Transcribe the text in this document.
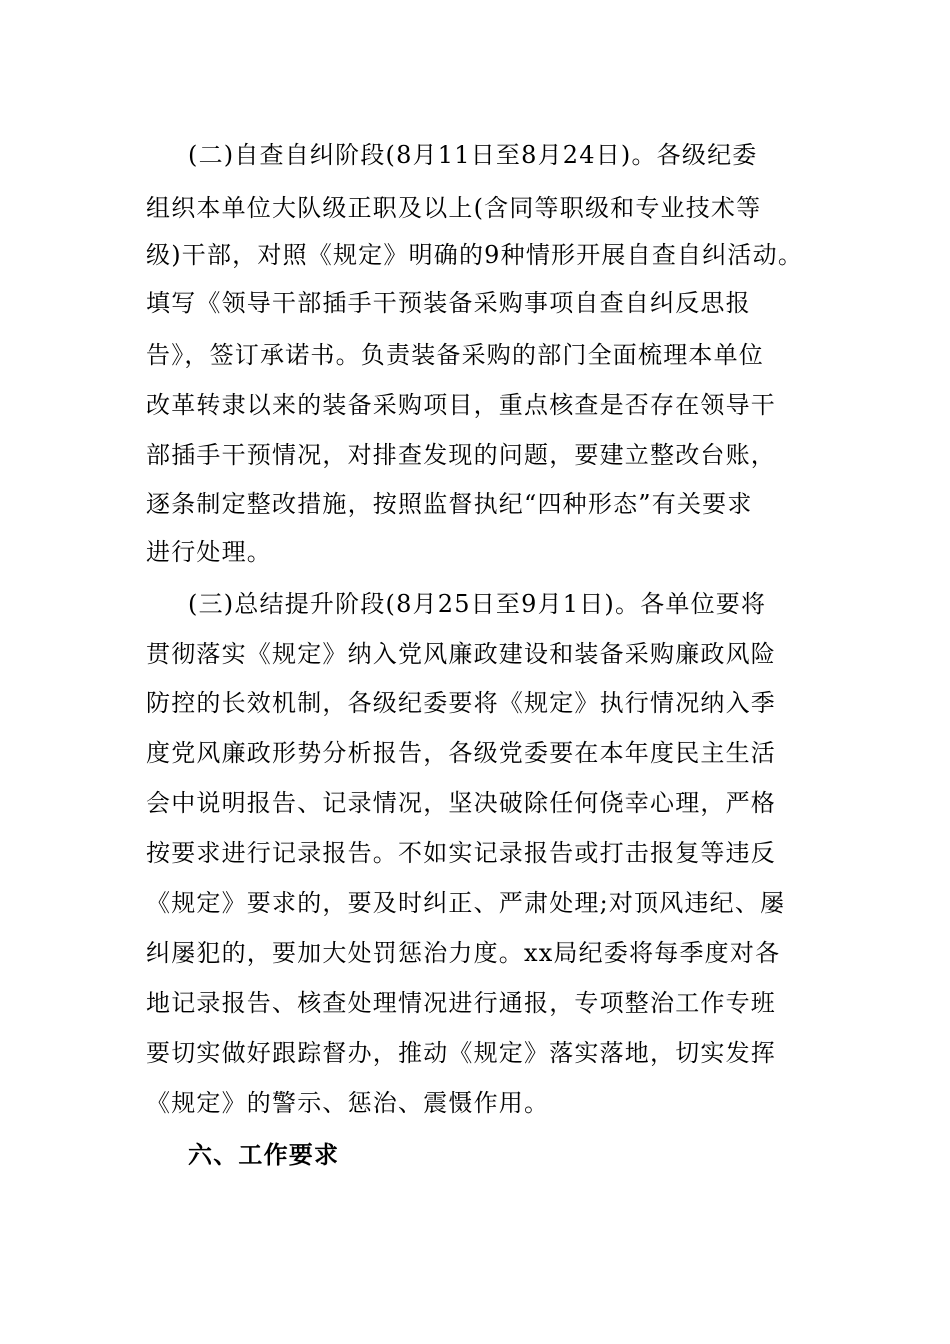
(二)自查自纠阶段(8月11日至8月24日)。各级纪委
组织本单位大队级正职及以上(含同等职级和专业技术等
级)干部，对照《规定》明确的9种情形开展自查自纠活动。
填写《领导干部插手干预装备采购事项自查自纠反思报
告》，签订承诺书。负责装备采购的部门全面梳理本单位
改革转隶以来的装备采购项目，重点核查是否存在领导干
部插手干预情况，对排查发现的问题，要建立整改台账，
逐条制定整改措施，按照监督执纪“四种形态”有关要求
进行处理。
(三)总结提升阶段(8月25日至9月1日)。各单位要将
贯彻落实《规定》纳入党风廉政建设和装备采购廉政风险
防控的长效机制，各级纪委要将《规定》执行情况纳入季
度党风廉政形势分析报告，各级党委要在本年度民主生活
会中说明报告、记录情况，坚决破除任何侥幸心理，严格
按要求进行记录报告。不如实记录报告或打击报复等违反
《规定》要求的，要及时纠正、严肃处理;对顶风违纪、屡
纠屡犯的，要加大处罚惩治力度。xx局纪委将每季度对各
地记录报告、核查处理情况进行通报，专项整治工作专班
要切实做好跟踪督办，推动《规定》落实落地，切实发挥
《规定》的警示、惩治、震慑作用。
六、工作要求
